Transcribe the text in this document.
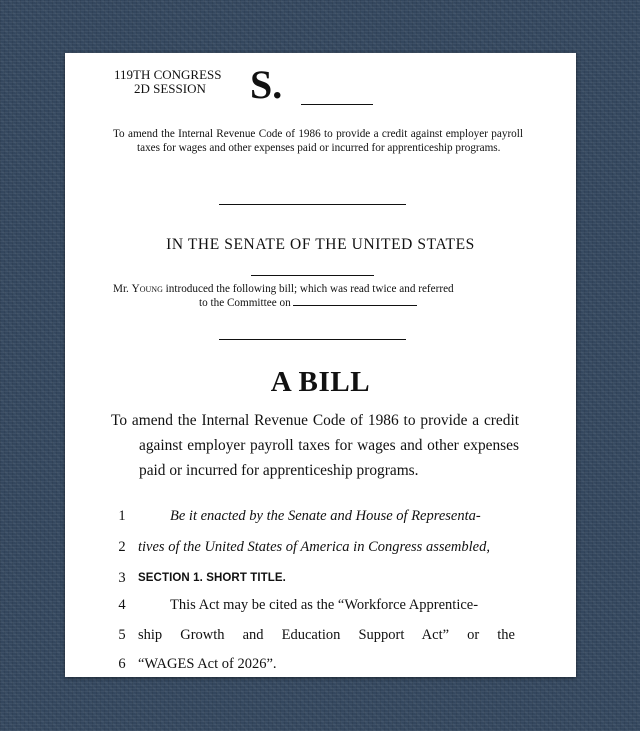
119TH CONGRESS
2D SESSION	S.

To amend the Internal Revenue Code of 1986 to provide a credit against employer payroll taxes for wages and other expenses paid or incurred for apprenticeship programs.

IN THE SENATE OF THE UNITED STATES
Mr. Young introduced the following bill; which was read twice and referred
to the Committee on
A BILL

To amend the Internal Revenue Code of 1986 to provide a credit against employer payroll taxes for wages and other expenses paid or incurred for apprenticeship programs.

1	Be it enacted by the Senate and House of Representa-
2 tives of the United States of America in Congress assembled,
3 SECTION 1. SHORT TITLE.
4	This Act may be cited as the “Workforce Apprentice-
5 ship Growth and Education Support Act” or the
6 “WAGES Act of 2026”.
